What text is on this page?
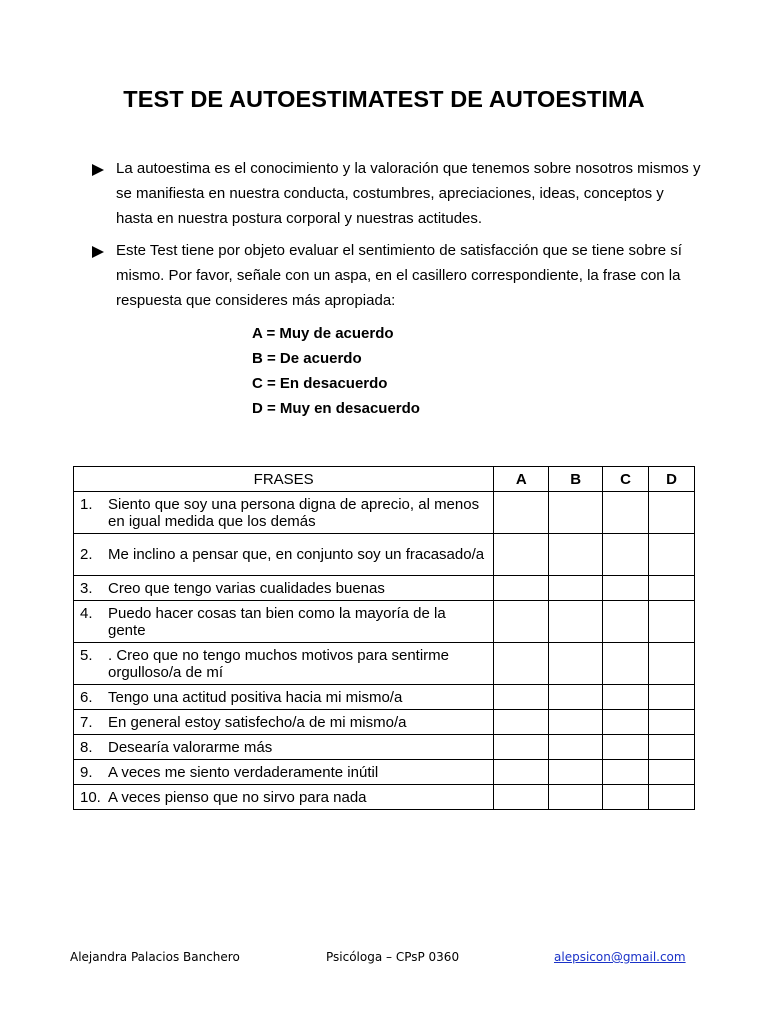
TEST DE AUTOESTIMATEST DE AUTOESTIMA
La autoestima es el conocimiento y la valoración que tenemos sobre nosotros mismos y se manifiesta en nuestra conducta, costumbres, apreciaciones, ideas, conceptos y hasta en nuestra postura corporal y nuestras actitudes.
Este Test tiene por objeto evaluar el sentimiento de satisfacción que se tiene sobre sí mismo. Por favor, señale con un aspa, en el casillero correspondiente, la frase con la respuesta que consideres más apropiada:
A = Muy de acuerdo
B = De acuerdo
C = En desacuerdo
D = Muy en desacuerdo
FRASES	A	B	C	D

1. Siento que soy una persona digna de aprecio, al menos en igual medida que los demás				

2. Me inclino a pensar que, en conjunto soy un fracasado/a				

3. Creo que tengo varias cualidades buenas				

4. Puedo hacer cosas tan bien como la mayoría de la gente				

5. . Creo que no tengo muchos motivos para sentirme orgulloso/a de mí				

6. Tengo una actitud positiva hacia mi mismo/a				

7. En general estoy satisfecho/a de mi mismo/a				

8. Desearía valorarme más				

9. A veces me siento verdaderamente inútil				

10. A veces pienso que no sirvo para nada				

Alejandra Palacios Banchero	Psicóloga – CPsP 0360	alepsicon@gmail.com
